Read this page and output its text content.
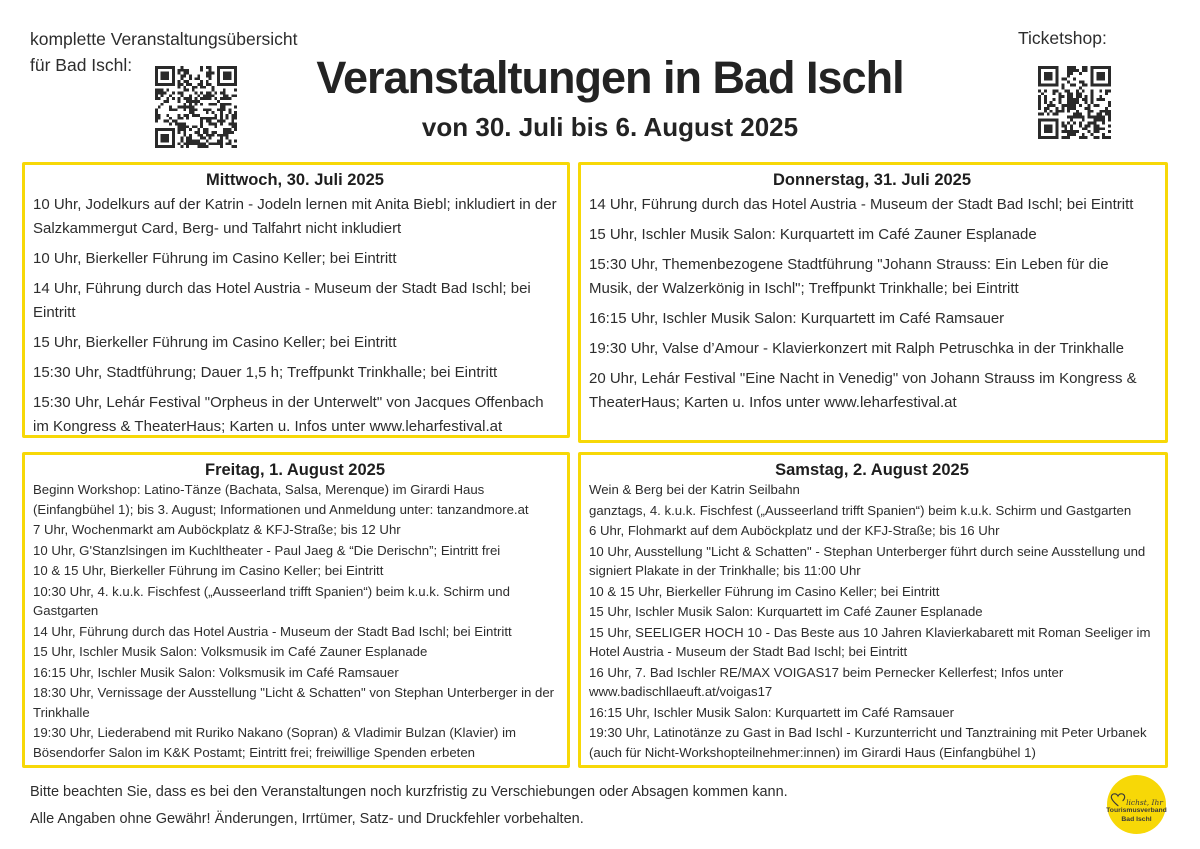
komplette Veranstaltungsübersicht
für Bad Ischl:	Veranstaltungen in Bad Ischl
von 30. Juli bis 6. August 2025
Ticketshop:
Mittwoch, 30. Juli 2025
10 Uhr, Jodelkurs auf der Katrin - Jodeln lernen mit Anita Biebl; inkludiert in der Salzkammergut Card, Berg- und Talfahrt nicht inkludiert
10 Uhr, Bierkeller Führung im Casino Keller; bei Eintritt
14 Uhr, Führung durch das Hotel Austria - Museum der Stadt Bad Ischl; bei Eintritt
15 Uhr, Bierkeller Führung im Casino Keller; bei Eintritt
15:30 Uhr, Stadtführung; Dauer 1,5 h; Treffpunkt Trinkhalle; bei Eintritt
15:30 Uhr, Lehár Festival "Orpheus in der Unterwelt" von Jacques Offenbach im Kongress & TheaterHaus; Karten u. Infos unter www.leharfestival.at
Donnerstag, 31. Juli 2025
14 Uhr, Führung durch das Hotel Austria - Museum der Stadt Bad Ischl; bei Eintritt
15 Uhr, Ischler Musik Salon: Kurquartett im Café Zauner Esplanade
15:30 Uhr, Themenbezogene Stadtführung "Johann Strauss: Ein Leben für die Musik, der Walzerkönig in Ischl"; Treffpunkt Trinkhalle; bei Eintritt
16:15 Uhr, Ischler Musik Salon: Kurquartett im Café Ramsauer
19:30 Uhr, Valse d’Amour - Klavierkonzert mit Ralph Petruschka in der Trinkhalle
20 Uhr, Lehár Festival "Eine Nacht in Venedig" von Johann Strauss im Kongress & TheaterHaus; Karten u. Infos unter www.leharfestival.at
Freitag, 1. August 2025
Beginn Workshop: Latino-Tänze (Bachata, Salsa, Merenque) im Girardi Haus (Einfangbühel 1); bis 3. August; Informationen und Anmeldung unter: tanzandmore.at
7 Uhr, Wochenmarkt am Auböckplatz & KFJ-Straße; bis 12 Uhr
10 Uhr, G'Stanzlsingen im Kuchltheater - Paul Jaeg & “Die Derischn”; Eintritt frei
10 & 15 Uhr, Bierkeller Führung im Casino Keller; bei Eintritt
10:30 Uhr, 4. k.u.k. Fischfest („Ausseerland trifft Spanien“) beim k.u.k. Schirm und Gastgarten
14 Uhr, Führung durch das Hotel Austria - Museum der Stadt Bad Ischl; bei Eintritt
15 Uhr, Ischler Musik Salon: Volksmusik im Café Zauner Esplanade
16:15 Uhr, Ischler Musik Salon: Volksmusik im Café Ramsauer
18:30 Uhr, Vernissage der Ausstellung "Licht & Schatten" von Stephan Unterberger in der Trinkhalle
19:30 Uhr, Liederabend mit Ruriko Nakano (Sopran) & Vladimir Bulzan (Klavier) im Bösendorfer Salon im K&K Postamt; Eintritt frei; freiwillige Spenden erbeten
Samstag, 2. August 2025
Wein & Berg bei der Katrin Seilbahn
ganztags, 4. k.u.k. Fischfest („Ausseerland trifft Spanien“) beim k.u.k. Schirm und Gastgarten
6 Uhr, Flohmarkt auf dem Auböckplatz und der KFJ-Straße; bis 16 Uhr
10 Uhr, Ausstellung "Licht & Schatten" - Stephan Unterberger führt durch seine Ausstellung und signiert Plakate in der Trinkhalle; bis 11:00 Uhr
10 & 15 Uhr, Bierkeller Führung im Casino Keller; bei Eintritt
15 Uhr, Ischler Musik Salon: Kurquartett im Café Zauner Esplanade
15 Uhr, SEELIGER HOCH 10 - Das Beste aus 10 Jahren Klavierkabarett mit Roman Seeliger im Hotel Austria - Museum der Stadt Bad Ischl; bei Eintritt
16 Uhr, 7. Bad Ischler RE/MAX VOIGAS17 beim Pernecker Kellerfest; Infos unter www.badischllaeuft.at/voigas17
16:15 Uhr, Ischler Musik Salon: Kurquartett im Café Ramsauer
19:30 Uhr, Latinotänze zu Gast in Bad Ischl - Kurzunterricht und Tanztraining mit Peter Urbanek (auch für Nicht-Workshopteilnehmer:innen) im Girardi Haus (Einfangbühel 1)
Bitte beachten Sie, dass es bei den Veranstaltungen noch kurzfristig zu Verschiebungen oder Absagen kommen kann.
Alle Angaben ohne Gewähr! Änderungen, Irrtümer, Satz- und Druckfehler vorbehalten.
lichst, Ihr
Tourismusverband
Bad Ischl
